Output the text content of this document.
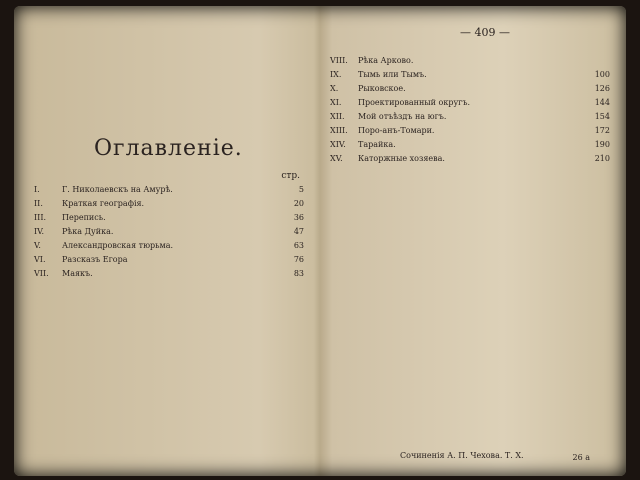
Оглавленіе.
стр.
I.	Г. Николаевскъ на Амурѣ.	5
II.	Краткая географія.	20
III.	Перепись.	36
IV.	Рѣка Дуйка.	47
V.	Александровская тюрьма.	63
VI.	Разсказъ Егора	76
VII.	Маякъ.	83
— 409 —
VIII.	Рѣка Арково.
IX.	Тымь или Тымъ.	100
X.	Рыковское.	126
XI.	Проектированный округъ.	144
XII.	Мой отъѣздъ на югъ.	154
XIII.	Поро-анъ-Томари.	172
XIV.	Тарайка.	190
XV.	Каторжные хозяева.	210
Сочиненія А. П. Чехова. Т. X.	26 а
